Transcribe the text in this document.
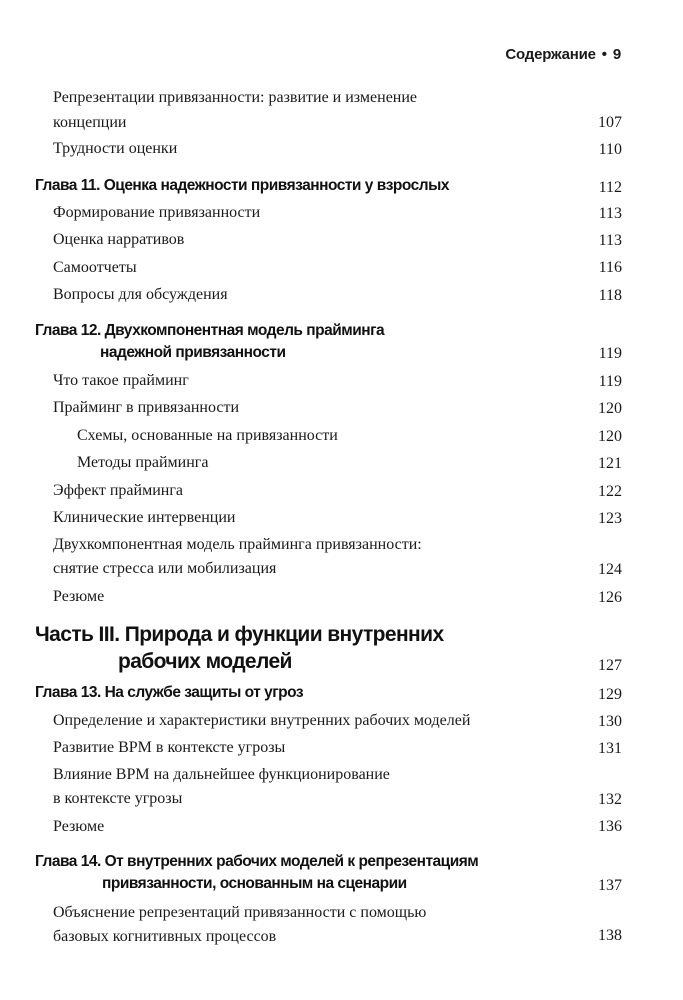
Содержание • 9
Репрезентации привязанности: развитие и изменение
концепции	107
Трудности оценки	110
Глава 11. Оценка надежности привязанности у взрослых	112
Формирование привязанности	113
Оценка нарративов	113
Самоотчеты	116
Вопросы для обсуждения	118
Глава 12. Двухкомпонентная модель прайминга
надежной привязанности	119
Что такое прайминг	119
Прайминг в привязанности	120
Схемы, основанные на привязанности	120
Методы прайминга	121
Эффект прайминга	122
Клинические интервенции	123
Двухкомпонентная модель прайминга привязанности:
снятие стресса или мобилизация	124
Резюме	126
Часть III. Природа и функции внутренних
рабочих моделей	127
Глава 13. На службе защиты от угроз	129
Определение и характеристики внутренних рабочих моделей	130
Развитие ВРМ в контексте угрозы	131
Влияние ВРМ на дальнейшее функционирование
в контексте угрозы	132
Резюме	136
Глава 14. От внутренних рабочих моделей к репрезентациям
привязанности, основанным на сценарии	137
Объяснение репрезентаций привязанности с помощью
базовых когнитивных процессов	138
